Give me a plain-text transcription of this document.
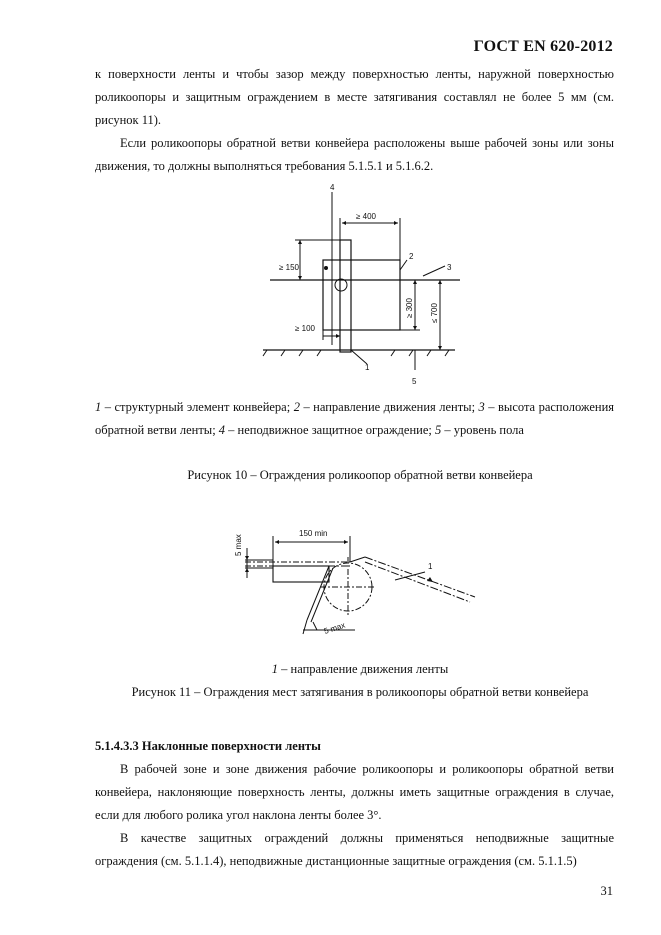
ГОСТ EN 620-2012

к поверхности ленты и чтобы зазор между поверхностью ленты, наружной поверхностью роликоопоры и защитным ограждением в месте затягивания составлял не более 5 мм (см. рисунок 11).

Если роликоопоры обратной ветви конвейера расположены выше рабочей зоны или зоны движения, то должны выполняться требования 5.1.5.1 и 5.1.6.2.

4
≥ 400
≥ 150
≥ 100
≥ 300 ≤ 700
2
3
1
5
1 – структурный элемент конвейера; 2 – направление движения ленты; 3 – высота расположения обратной ветви ленты; 4 – неподвижное защитное ограждение; 5 – уровень пола
Рисунок 10 – Ограждения роликоопор обратной ветви конвейера
150 min
5 max
5 max
1
1 – направление движения ленты
Рисунок 11 – Ограждения мест затягивания в роликоопоры обратной ветви конвейера
5.1.4.3.3 Наклонные поверхности ленты

В рабочей зоне и зоне движения рабочие роликоопоры и роликоопоры обратной ветви конвейера, наклоняющие поверхность ленты, должны иметь защитные ограждения в случае, если для любого ролика угол наклона ленты более 3°.

В качестве защитных ограждений должны применяться неподвижные защитные ограждения (см. 5.1.1.4), неподвижные дистанционные защитные ограждения (см. 5.1.1.5)

31
